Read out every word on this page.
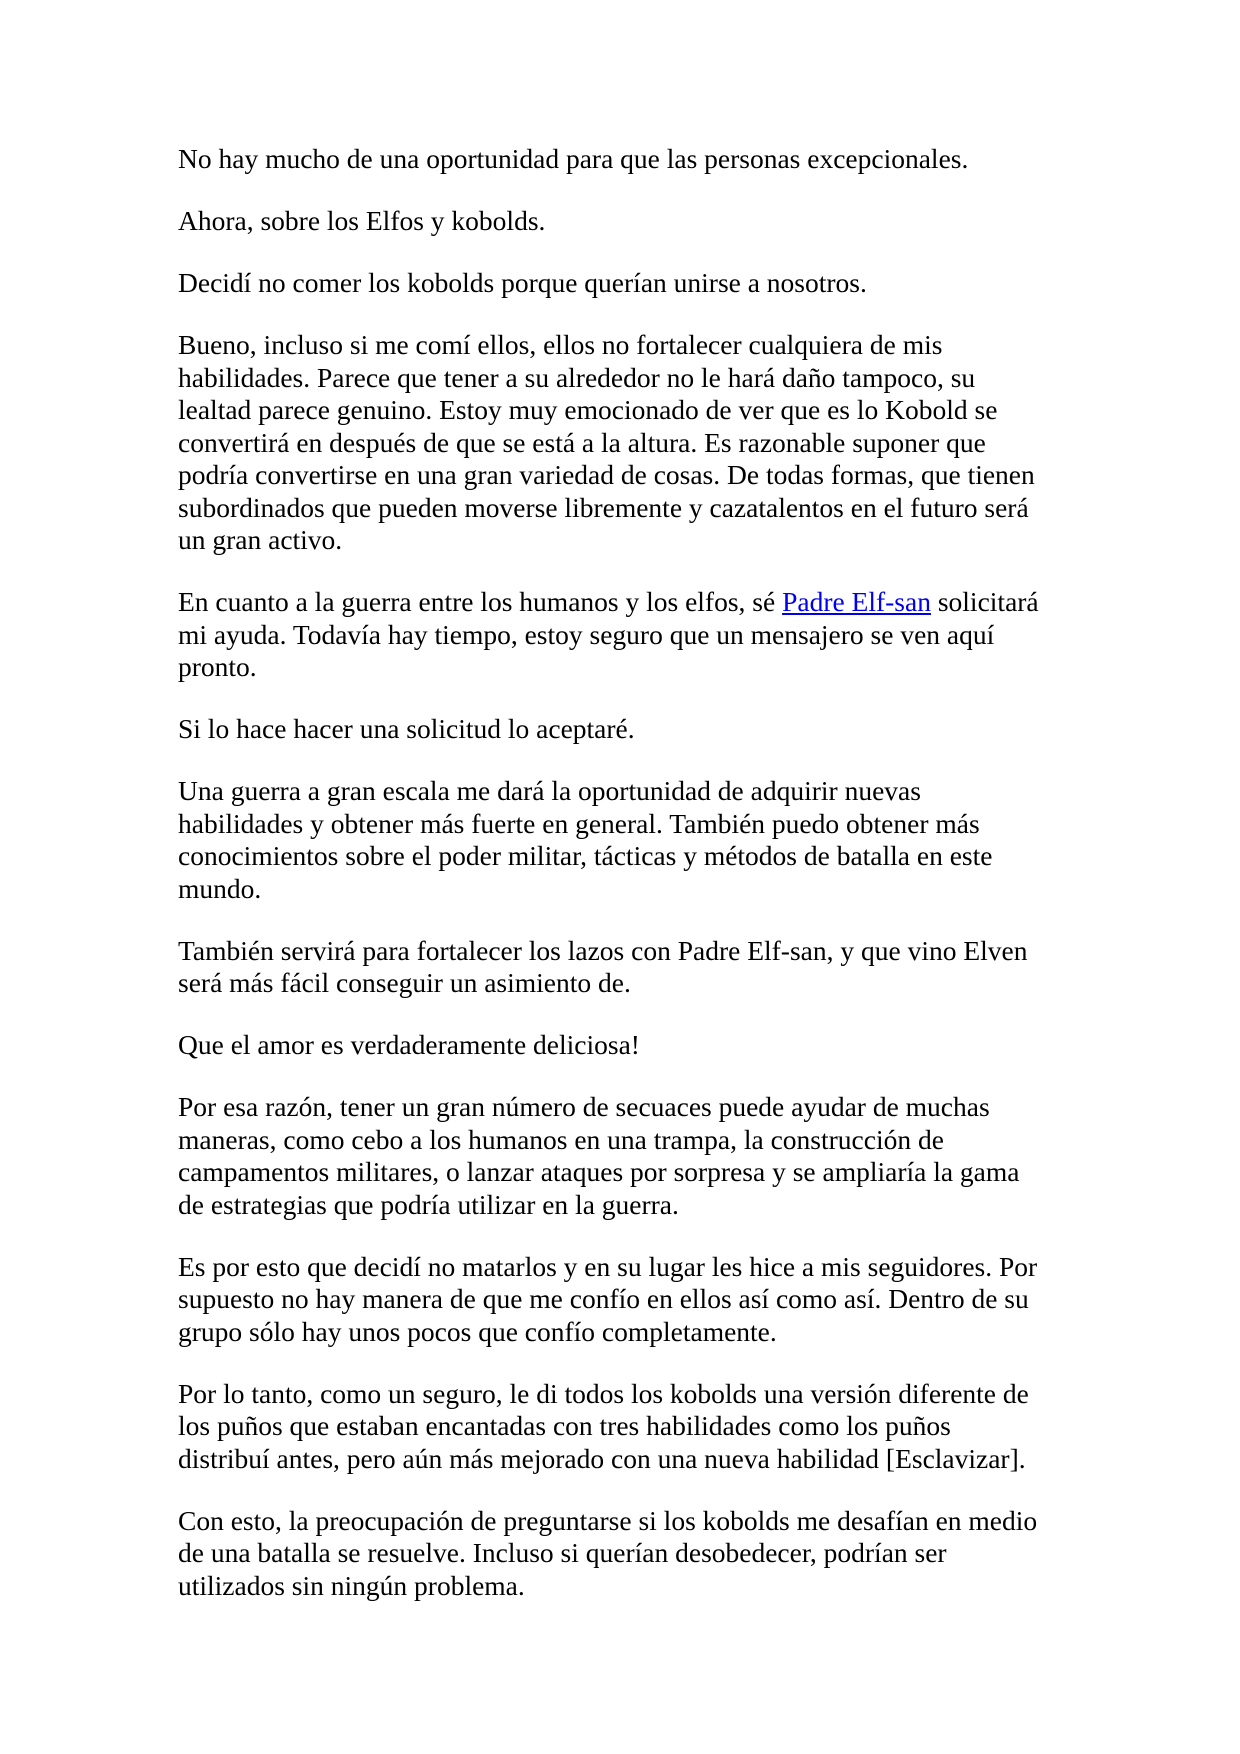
No hay mucho de una oportunidad para que las personas excepcionales.

Ahora, sobre los Elfos y kobolds.

Decidí no comer los kobolds porque querían unirse a nosotros.

Bueno, incluso si me comí ellos, ellos no fortalecer cualquiera de mis
habilidades. Parece que tener a su alrededor no le hará daño tampoco, su
lealtad parece genuino. Estoy muy emocionado de ver que es lo Kobold se
convertirá en después de que se está a la altura. Es razonable suponer que
podría convertirse en una gran variedad de cosas. De todas formas, que tienen
subordinados que pueden moverse libremente y cazatalentos en el futuro será
un gran activo.

En cuanto a la guerra entre los humanos y los elfos, sé Padre Elf-san solicitará
mi ayuda. Todavía hay tiempo, estoy seguro que un mensajero se ven aquí
pronto.

Si lo hace hacer una solicitud lo aceptaré.

Una guerra a gran escala me dará la oportunidad de adquirir nuevas
habilidades y obtener más fuerte en general. También puedo obtener más
conocimientos sobre el poder militar, tácticas y métodos de batalla en este
mundo.

También servirá para fortalecer los lazos con Padre Elf-san, y que vino Elven
será más fácil conseguir un asimiento de.

Que el amor es verdaderamente deliciosa!

Por esa razón, tener un gran número de secuaces puede ayudar de muchas
maneras, como cebo a los humanos en una trampa, la construcción de
campamentos militares, o lanzar ataques por sorpresa y se ampliaría la gama
de estrategias que podría utilizar en la guerra.

Es por esto que decidí no matarlos y en su lugar les hice a mis seguidores. Por
supuesto no hay manera de que me confío en ellos así como así. Dentro de su
grupo sólo hay unos pocos que confío completamente.

Por lo tanto, como un seguro, le di todos los kobolds una versión diferente de
los puños que estaban encantadas con tres habilidades como los puños
distribuí antes, pero aún más mejorado con una nueva habilidad [Esclavizar].

Con esto, la preocupación de preguntarse si los kobolds me desafían en medio
de una batalla se resuelve. Incluso si querían desobedecer, podrían ser
utilizados sin ningún problema.
